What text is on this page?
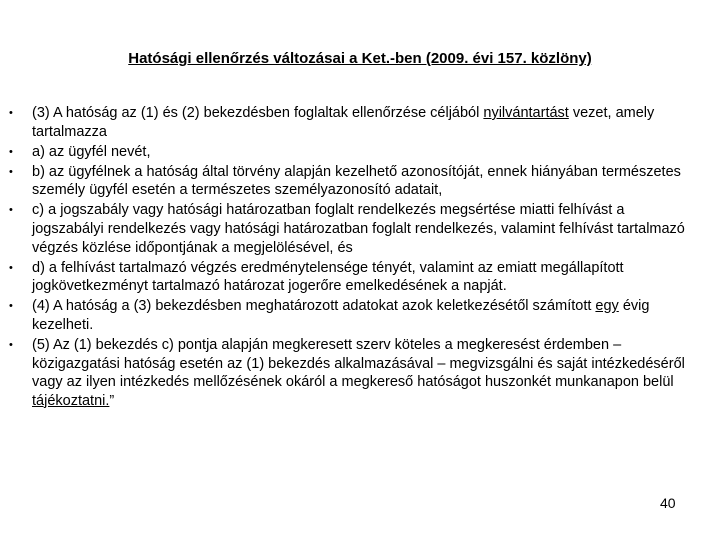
Hatósági ellenőrzés változásai a Ket.-ben (2009. évi 157. közlöny)
• (3) A hatóság az (1) és (2) bekezdésben foglaltak ellenőrzése céljából nyilvántartást vezet, amely tartalmazza
• a) az ügyfél nevét,
• b) az ügyfélnek a hatóság által törvény alapján kezelhető azonosítóját, ennek hiányában természetes személy ügyfél esetén a természetes személyazonosító adatait,
• c) a jogszabály vagy hatósági határozatban foglalt rendelkezés megsértése miatti felhívást a jogszabályi rendelkezés vagy hatósági határozatban foglalt rendelkezés, valamint felhívást tartalmazó végzés közlése időpontjának a megjelölésével, és
• d) a felhívást tartalmazó végzés eredménytelensége tényét, valamint az emiatt megállapított jogkövetkezményt tartalmazó határozat jogerőre emelkedésének a napját.
• (4) A hatóság a (3) bekezdésben meghatározott adatokat azok keletkezésétől számított egy évig kezelheti.
• (5) Az (1) bekezdés c) pontja alapján megkeresett szerv köteles a megkeresést érdemben – közigazgatási hatóság esetén az (1) bekezdés alkalmazásával – megvizsgálni és saját intézkedéséről vagy az ilyen intézkedés mellőzésének okáról a megkereső hatóságot huszonkét munkanapon belül tájékoztatni.”
40
